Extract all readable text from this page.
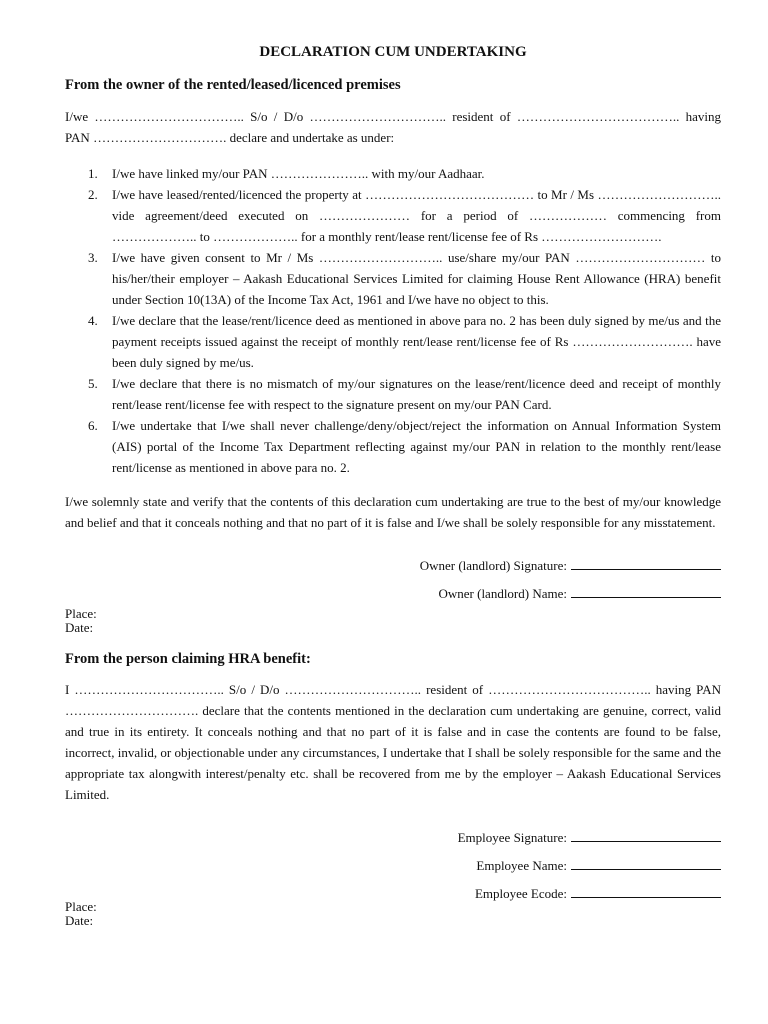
DECLARATION CUM UNDERTAKING
From the owner of the rented/leased/licenced premises
I/we …………………………….. S/o / D/o ………………………….. resident of ……………………………….. having PAN …………………………. declare and undertake as under:
1. I/we have linked my/our PAN ………………….. with my/our Aadhaar.
2. I/we have leased/rented/licenced the property at ………………………………… to Mr / Ms ……………………….. vide agreement/deed executed on ………………… for a period of ……………… commencing from ……………….. to ……………….. for a monthly rent/lease rent/license fee of Rs ……………………….
3. I/we have given consent to Mr / Ms ……………………….. use/share my/our PAN ………………………… to his/her/their employer – Aakash Educational Services Limited for claiming House Rent Allowance (HRA) benefit under Section 10(13A) of the Income Tax Act, 1961 and I/we have no object to this.
4. I/we declare that the lease/rent/licence deed as mentioned in above para no. 2 has been duly signed by me/us and the payment receipts issued against the receipt of monthly rent/lease rent/license fee of Rs ………………………. have been duly signed by me/us.
5. I/we declare that there is no mismatch of my/our signatures on the lease/rent/licence deed and receipt of monthly rent/lease rent/license fee with respect to the signature present on my/our PAN Card.
6. I/we undertake that I/we shall never challenge/deny/object/reject the information on Annual Information System (AIS) portal of the Income Tax Department reflecting against my/our PAN in relation to the monthly rent/lease rent/license as mentioned in above para no. 2.
I/we solemnly state and verify that the contents of this declaration cum undertaking are true to the best of my/our knowledge and belief and that it conceals nothing and that no part of it is false and I/we shall be solely responsible for any misstatement.
Owner (landlord) Signature:
Owner (landlord) Name:
Place:
Date:
From the person claiming HRA benefit:
I …………………………….. S/o / D/o ………………………….. resident of ……………………………….. having PAN …………………………. declare that the contents mentioned in the declaration cum undertaking are genuine, correct, valid and true in its entirety. It conceals nothing and that no part of it is false and in case the contents are found to be false, incorrect, invalid, or objectionable under any circumstances, I undertake that I shall be solely responsible for the same and the appropriate tax alongwith interest/penalty etc. shall be recovered from me by the employer – Aakash Educational Services Limited.
Employee Signature:
Employee Name:
Employee Ecode:
Place:
Date:
